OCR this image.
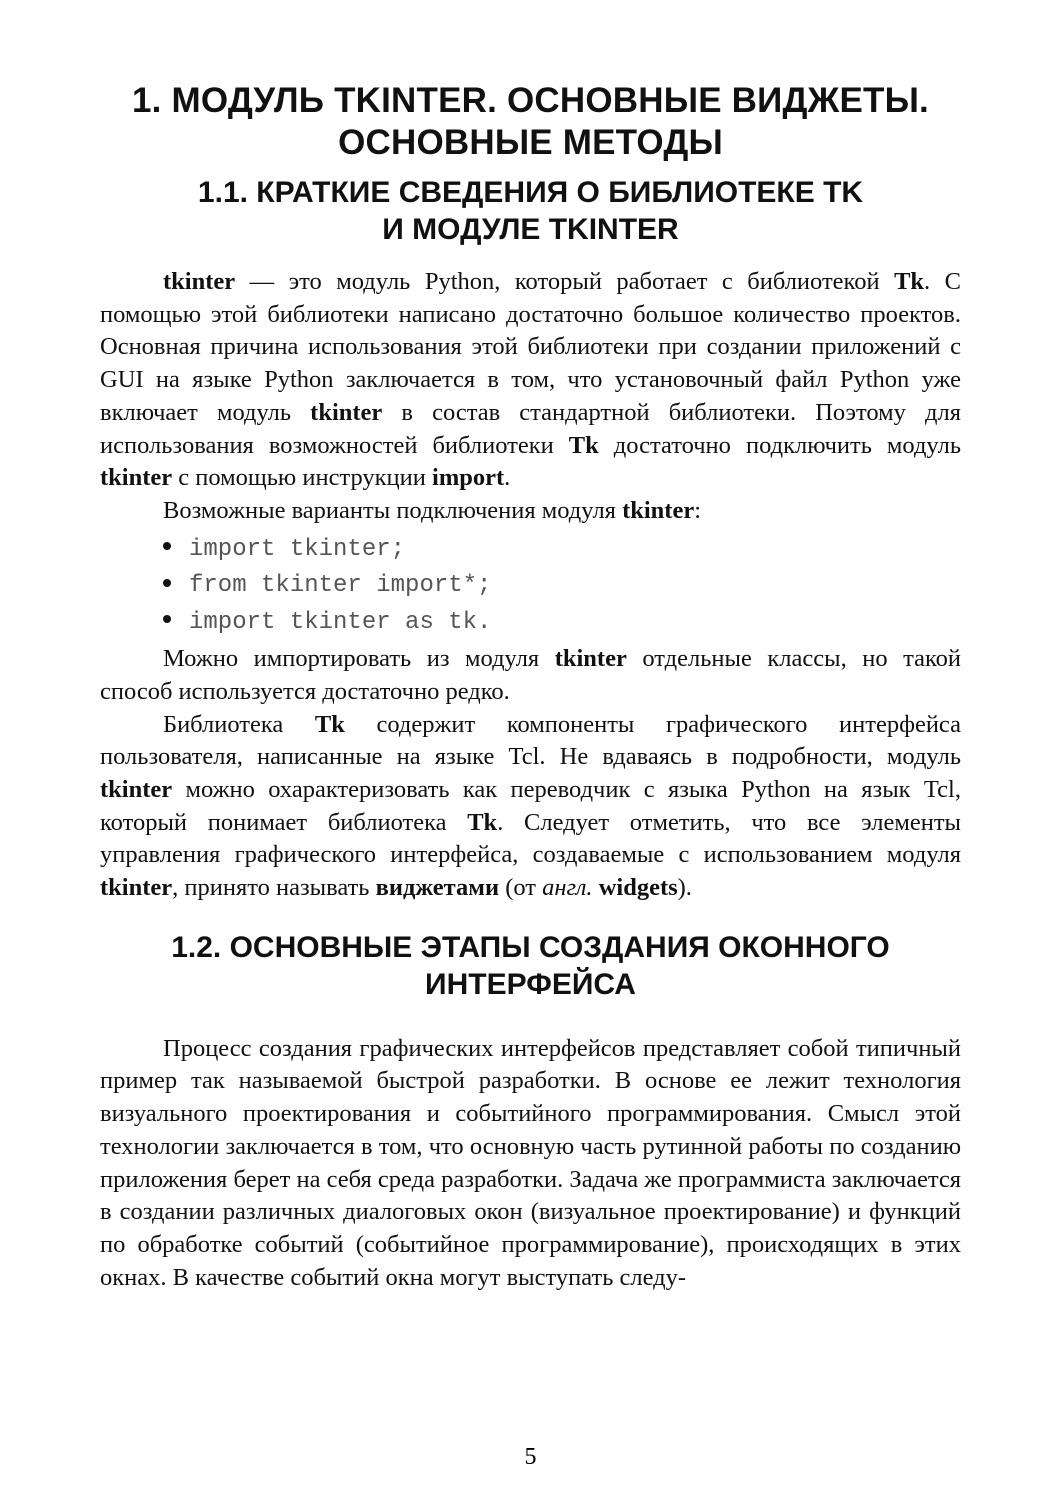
1. МОДУЛЬ TKINTER. ОСНОВНЫЕ ВИДЖЕТЫ.
ОСНОВНЫЕ МЕТОДЫ
1.1. КРАТКИЕ СВЕДЕНИЯ О БИБЛИОТЕКЕ TK
И МОДУЛЕ TKINTER

tkinter — это модуль Python, который работает с библиотекой Tk. С помощью этой библиотеки написано достаточно большое количество проектов. Основная причина использования этой библиотеки при создании приложений с GUI на языке Python заключается в том, что установочный файл Python уже включает модуль tkinter в состав стандартной библиотеки. Поэтому для использования возможностей библиотеки Tk достаточно подключить модуль tkinter с помощью инструкции import.

Возможные варианты подключения модуля tkinter:

import tkinter;
from tkinter import*;
import tkinter as tk.

Можно импортировать из модуля tkinter отдельные классы, но такой способ используется достаточно редко.

Библиотека Tk содержит компоненты графического интерфейса пользователя, написанные на языке Tcl. Не вдаваясь в подробности, модуль tkinter можно охарактеризовать как переводчик с языка Python на язык Tcl, который понимает библиотека Tk. Следует отметить, что все элементы управления графического интерфейса, создаваемые с использованием модуля tkinter, принято называть виджетами (от англ. widgets).

1.2. ОСНОВНЫЕ ЭТАПЫ СОЗДАНИЯ ОКОННОГО
ИНТЕРФЕЙСА

Процесс создания графических интерфейсов представляет собой типичный пример так называемой быстрой разработки. В основе ее лежит технология визуального проектирования и событийного программирования. Смысл этой технологии заключается в том, что основную часть рутинной работы по созданию приложения берет на себя среда разработки. Задача же программиста заключается в создании различных диалоговых окон (визуальное проектирование) и функций по обработке событий (событийное программирование), происходящих в этих окнах. В качестве событий окна могут выступать следу-

5
